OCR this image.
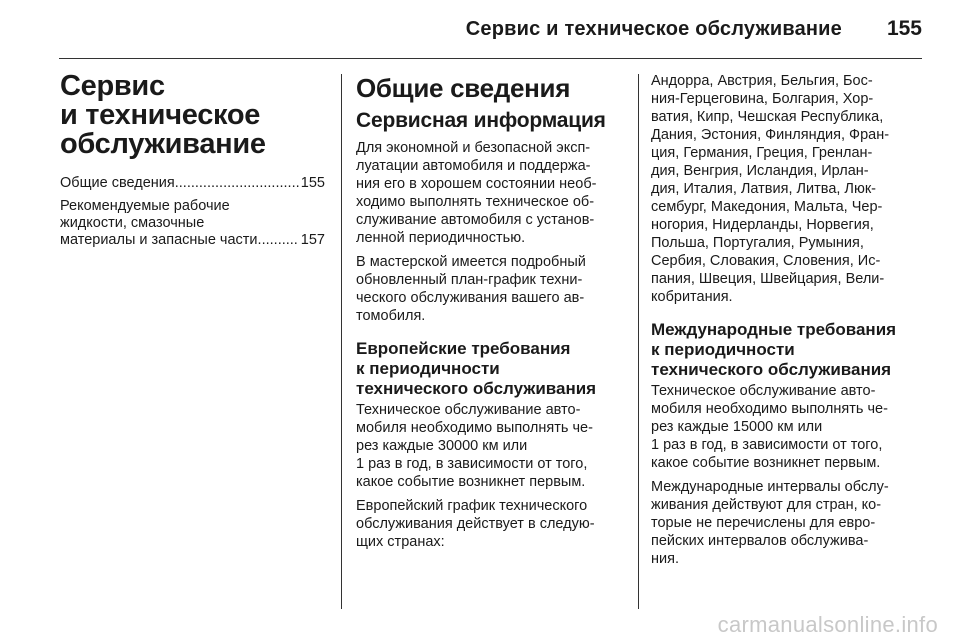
Сервис и техническое обслуживание 155
Сервис
и техническое
обслуживание
Общие сведения .....	155
Рекомендуемые рабочие
жидкости, смазочные
материалы и запасные части .....	157
Общие сведения
Сервисная информация

Для экономной и безопасной эксп-
луатации автомобиля и поддержа-
ния его в хорошем состоянии необ-
ходимо выполнять техническое об-
служивание автомобиля с установ-
ленной периодичностью.

В мастерской имеется подробный
обновленный план-график техни-
ческого обслуживания вашего ав-
томобиля.

Европейские требования
к периодичности
технического обслуживания

Техническое обслуживание авто-
мобиля необходимо выполнять че-
рез каждые 30000 км или
1 раз в год, в зависимости от того,
какое событие возникнет первым.

Европейский график технического
обслуживания действует в следую-
щих странах:

Андорра, Австрия, Бельгия, Бос-
ния-Герцеговина, Болгария, Хор-
ватия, Кипр, Чешская Республика,
Дания, Эстония, Финляндия, Фран-
ция, Германия, Греция, Гренлан-
дия, Венгрия, Исландия, Ирлан-
дия, Италия, Латвия, Литва, Люк-
сембург, Македония, Мальта, Чер-
ногория, Нидерланды, Норвегия,
Польша, Португалия, Румыния,
Сербия, Словакия, Словения, Ис-
пания, Швеция, Швейцария, Вели-
кобритания.

Международные требования
к периодичности
технического обслуживания

Техническое обслуживание авто-
мобиля необходимо выполнять че-
рез каждые 15000 км или
1 раз в год, в зависимости от того,
какое событие возникнет первым.

Международные интервалы обслу-
живания действуют для стран, ко-
торые не перечислены для евро-
пейских интервалов обслужива-
ния.

carmanualsonline.info
